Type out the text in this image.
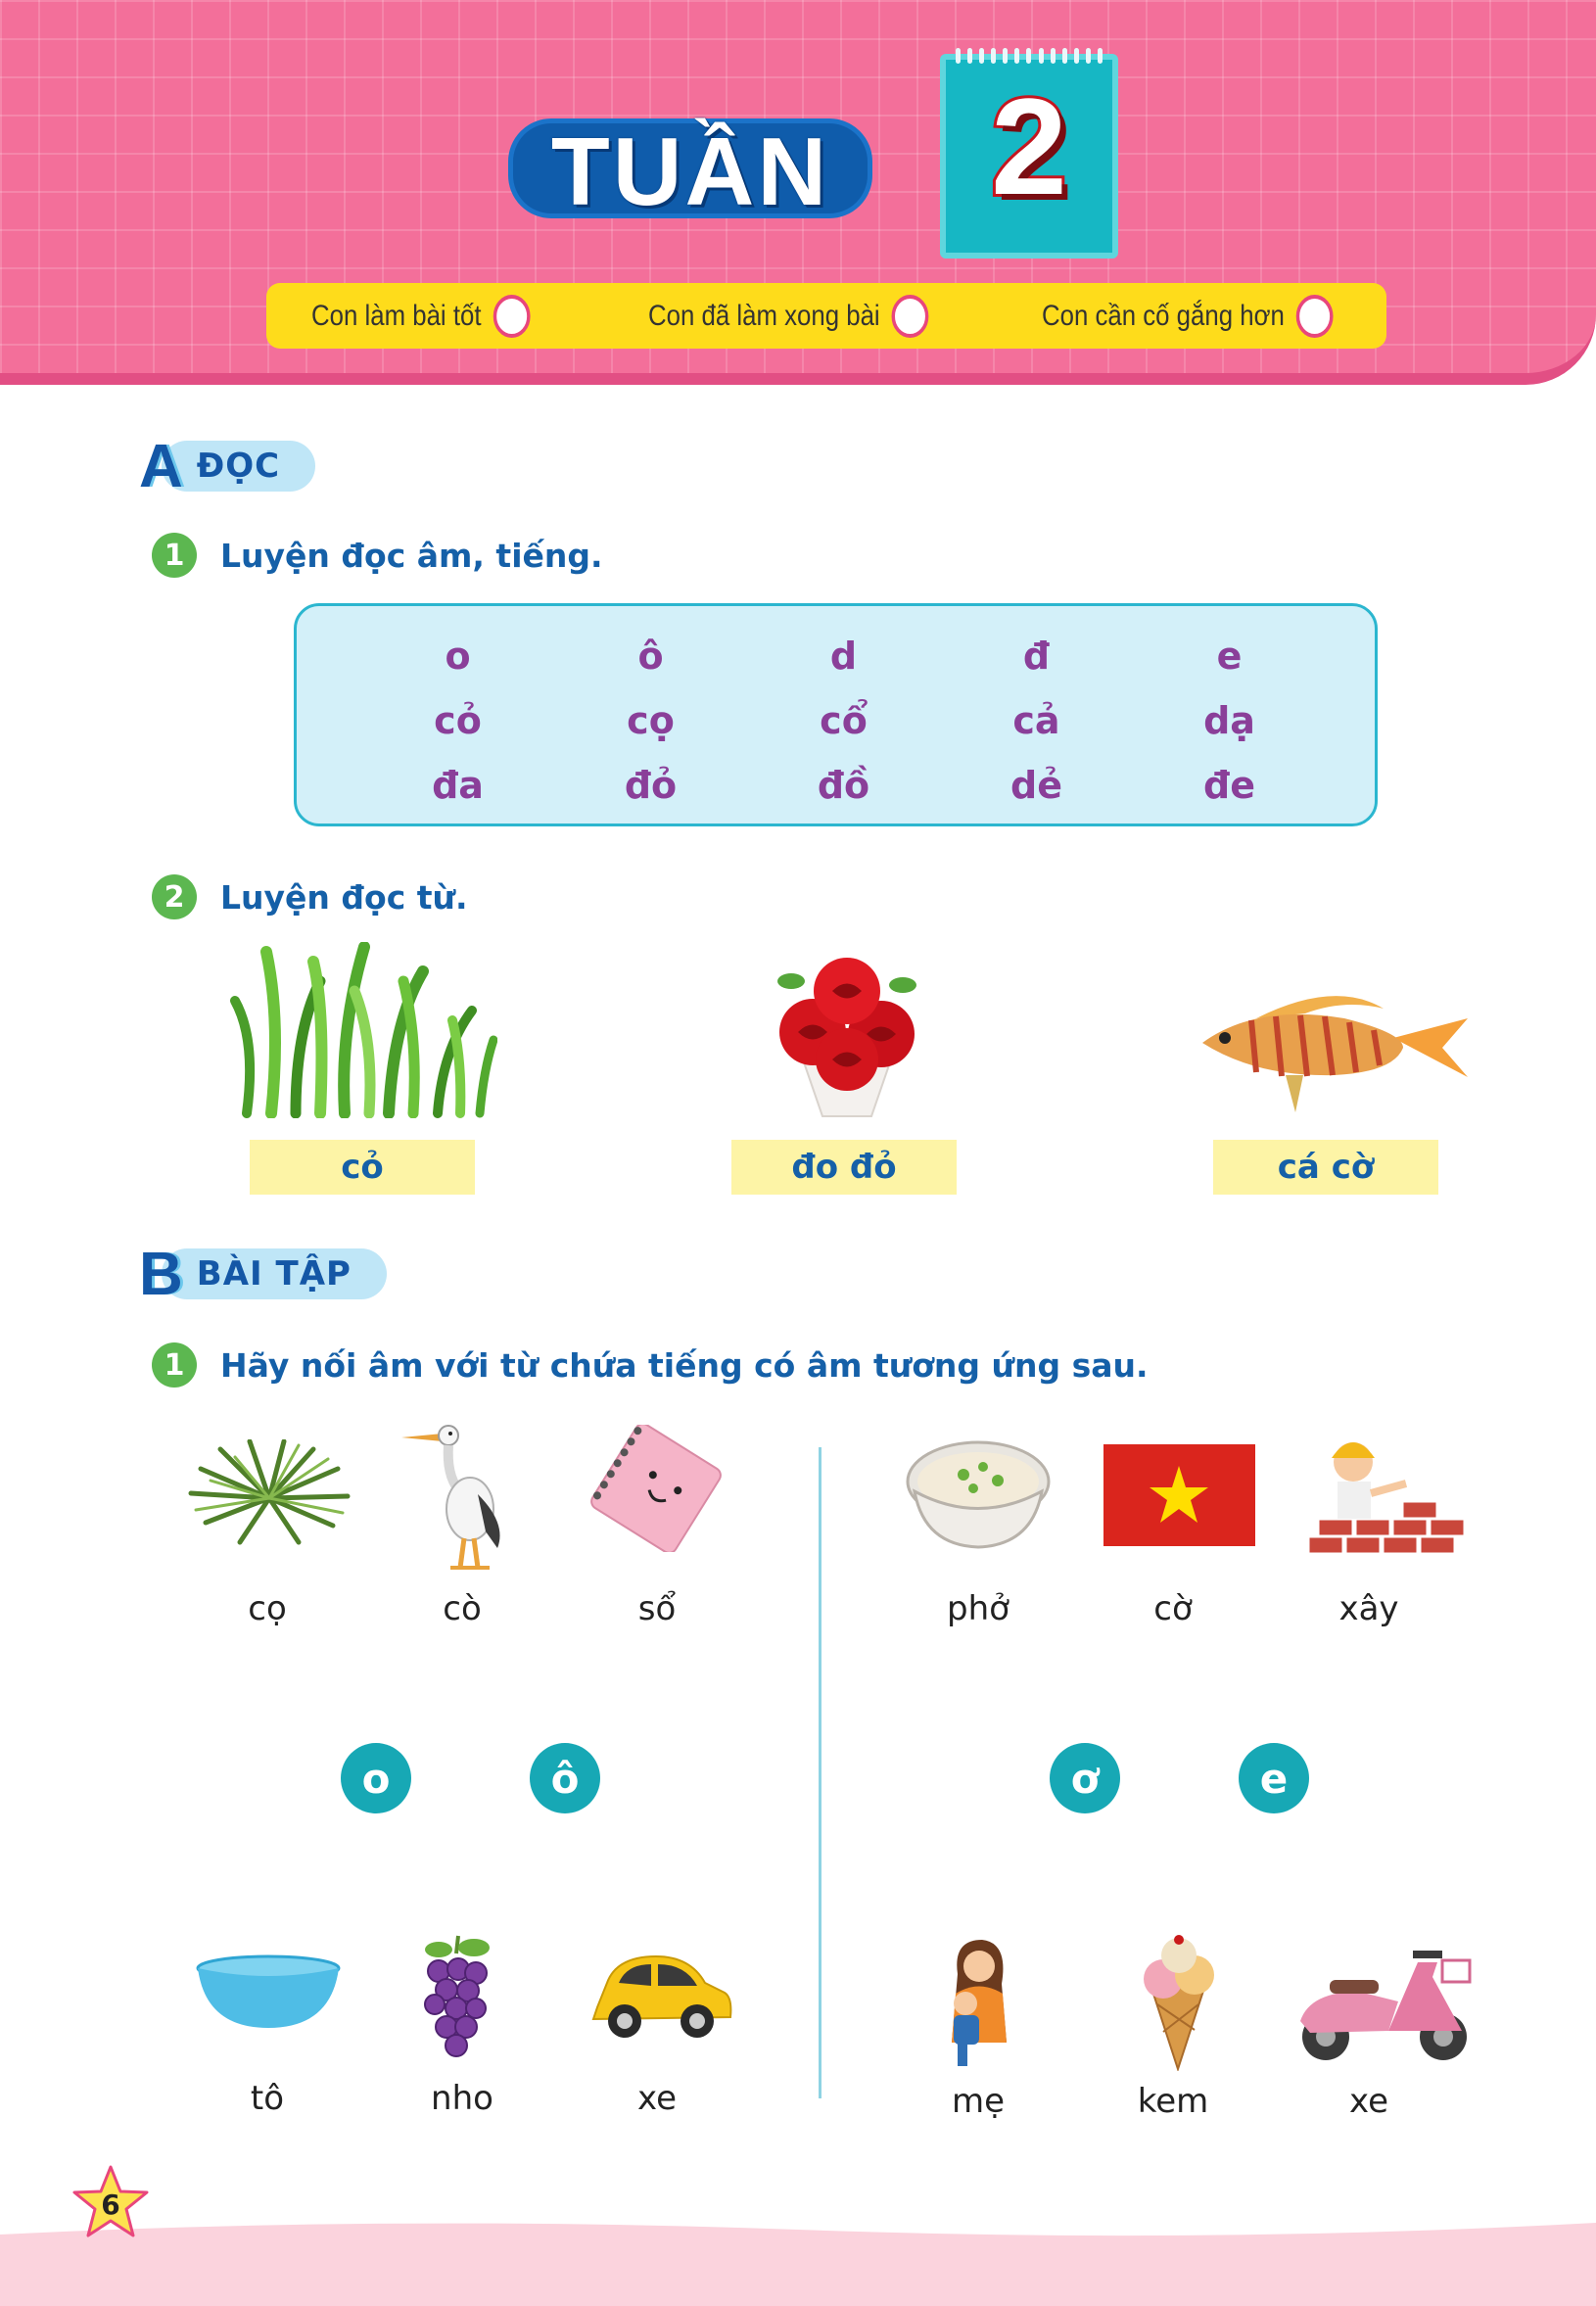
TUẦN	2
Con làm bài tốt	Con đã làm xong bài	Con cần cố gắng hơn
A ĐỌC
1	Luyện đọc âm, tiếng.
o	ô	d	đ	e
cỏ	cọ	cổ	cả	dạ
đa	đỏ	đồ	dẻ	đe
2	Luyện đọc từ.
cỏ	đo đỏ	cá cờ
B BÀI TẬP
1	Hãy nối âm với từ chứa tiếng có âm tương ứng sau.
cọ	cò	sổ
o	ô
tô	nho	xe
phở	cờ	xây
ơ	e
mẹ	kem	xe
6
